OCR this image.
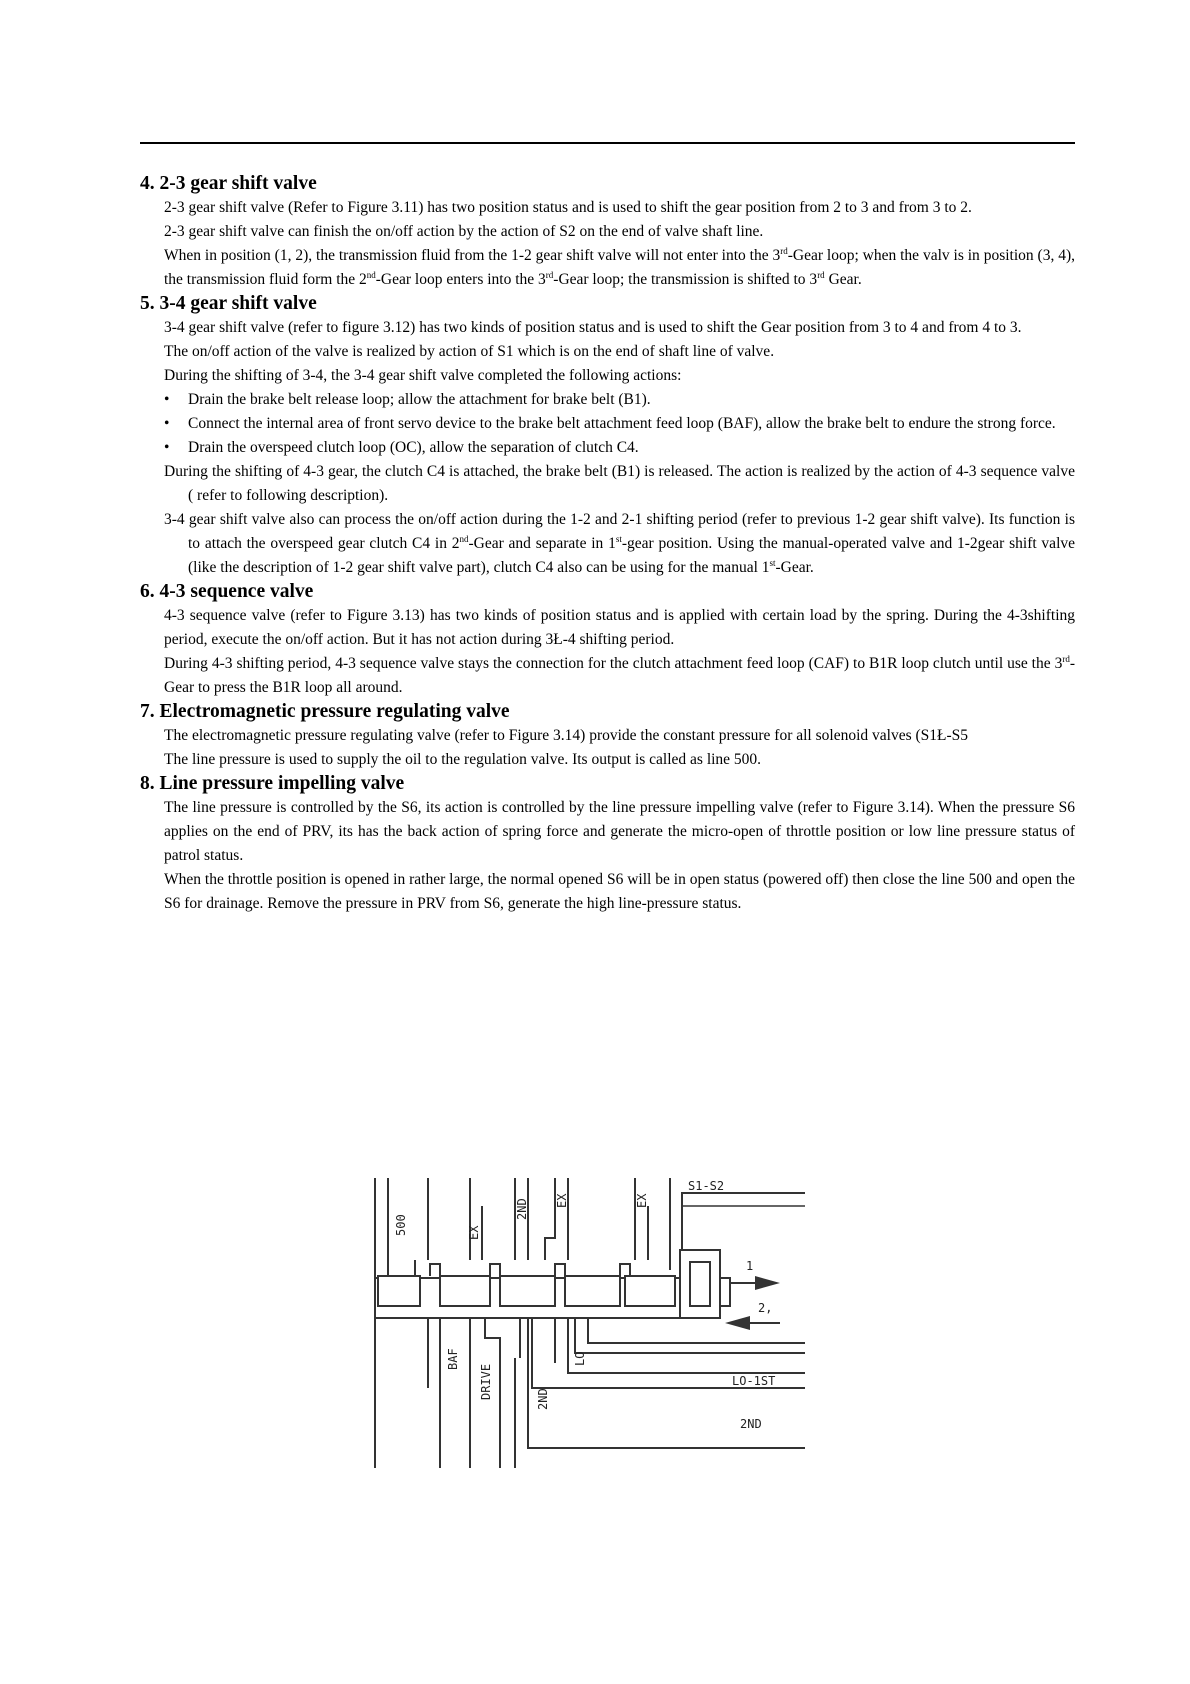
4. 2-3 gear shift valve

2-3 gear shift valve (Refer to Figure 3.11) has two position status and is used to shift the gear position from 2 to 3 and from 3 to 2.

2-3 gear shift valve can finish the on/off action by the action of S2 on the end of valve shaft line.

When in position (1, 2), the transmission fluid from the 1-2 gear shift valve will not enter into the 3rd-Gear loop; when the valv is in position (3, 4), the transmission fluid form the 2nd-Gear loop enters into the 3rd-Gear loop; the transmission is shifted to 3rd Gear.

5. 3-4 gear shift valve

3-4 gear shift valve (refer to figure 3.12) has two kinds of position status and is used to shift the Gear position from 3 to 4 and from 4 to 3.

The on/off action of the valve is realized by action of S1 which is on the end of shaft line of valve.

During the shifting of 3-4, the 3-4 gear shift valve completed the following actions:

•	Drain the brake belt release loop; allow the attachment for brake belt (B1).
•	Connect the internal area of front servo device to the brake belt attachment feed loop (BAF), allow the brake belt to endure the strong force.
•	Drain the overspeed clutch loop (OC), allow the separation of clutch C4.

During the shifting of 4-3 gear, the clutch C4 is attached, the brake belt (B1) is released. The action is realized by the action of 4-3 sequence valve ( refer to following description).

3-4 gear shift valve also can process the on/off action during the 1-2 and 2-1 shifting period (refer to previous 1-2 gear shift valve). Its function is to attach the overspeed gear clutch C4 in 2nd-Gear and separate in 1st-gear position. Using the manual-operated valve and 1-2gear shift valve (like the description of 1-2 gear shift valve part), clutch C4 also can be using for the manual 1st-Gear.

6. 4-3 sequence valve

4-3 sequence valve (refer to Figure 3.13) has two kinds of position status and is applied with certain load by the spring. During the 4-3shifting period, execute the on/off action. But it has not action during 3Ł-4 shifting period.

During 4-3 shifting period, 4-3 sequence valve stays the connection for the clutch attachment feed loop (CAF) to B1R loop clutch until use the 3rd-Gear to press the B1R loop all around.

7. Electromagnetic pressure regulating valve

The electromagnetic pressure regulating valve (refer to Figure 3.14) provide the constant pressure for all solenoid valves (S1Ł-S5

The line pressure is used to supply the oil to the regulation valve. Its output is called as line 500.

8. Line pressure impelling valve

The line pressure is controlled by the S6, its action is controlled by the line pressure impelling valve (refer to Figure 3.14). When the pressure S6 applies on the end of PRV, its has the back action of spring force and generate the micro-open of throttle position or low line pressure status of patrol status.

When the throttle position is opened in rather large, the normal opened S6 will be in open status (powered off) then close the line 500 and open the S6 for drainage. Remove the pressure in PRV from S6, generate the high line-pressure status.

500	EX
2ND EX	EX
S1-S2
1
2,
BAF
DRIVE	2ND
LO
LO-1ST
2ND
